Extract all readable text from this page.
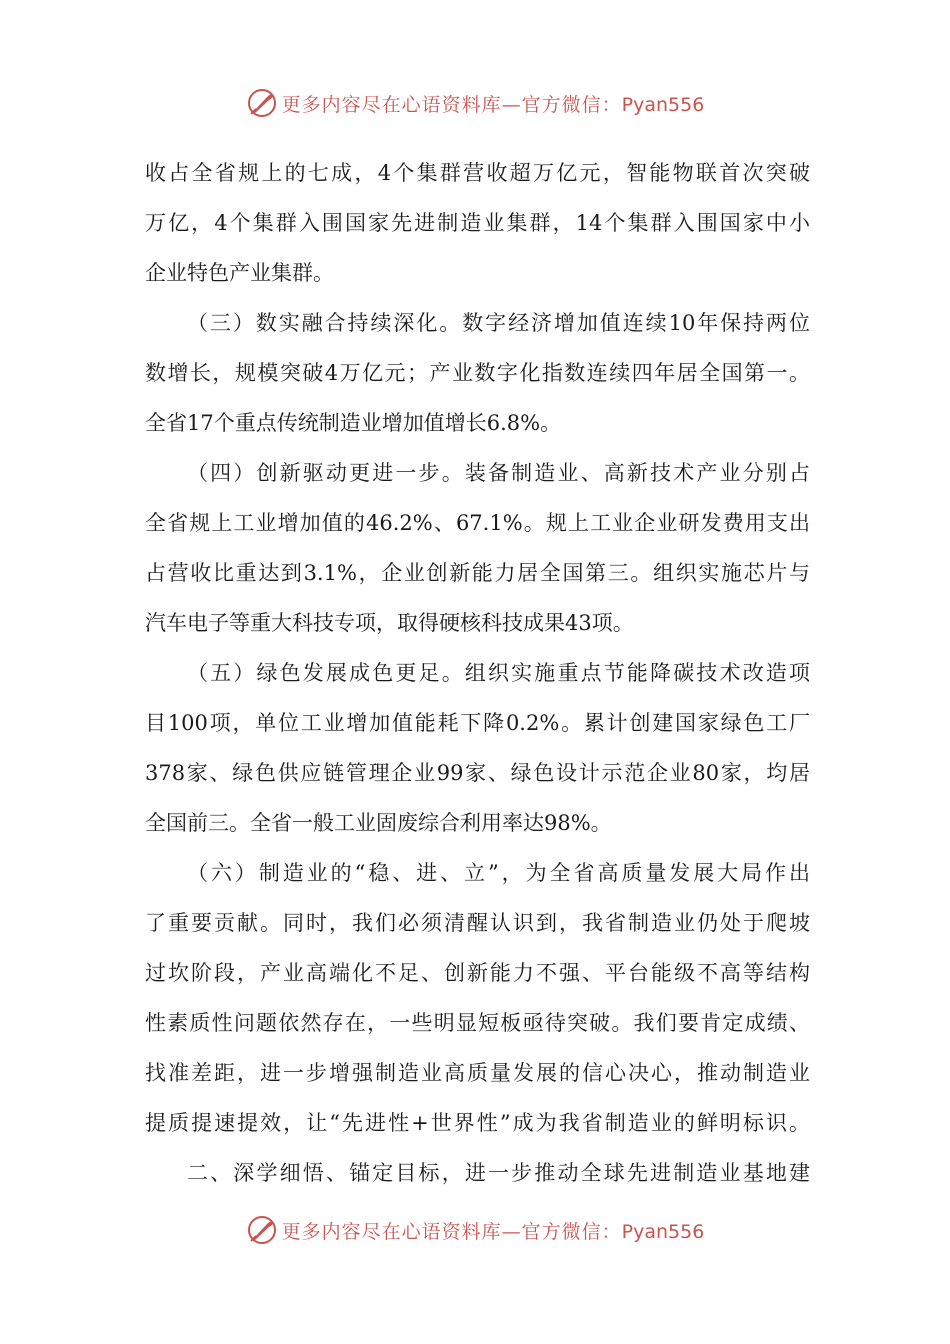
更多内容尽在心语资料库—官方微信：Pyan556
收占全省规上的七成，4个集群营收超万亿元，智能物联首次突破
万亿，4个集群入围国家先进制造业集群，14个集群入围国家中小
企业特色产业集群。
（三）数实融合持续深化。数字经济增加值连续10年保持两位
数增长，规模突破4万亿元；产业数字化指数连续四年居全国第一。
全省17个重点传统制造业增加值增长6.8%。
（四）创新驱动更进一步。装备制造业、高新技术产业分别占
全省规上工业增加值的46.2%、67.1%。规上工业企业研发费用支出
占营收比重达到3.1%，企业创新能力居全国第三。组织实施芯片与
汽车电子等重大科技专项，取得硬核科技成果43项。
（五）绿色发展成色更足。组织实施重点节能降碳技术改造项
目100项，单位工业增加值能耗下降0.2%。累计创建国家绿色工厂
378家、绿色供应链管理企业99家、绿色设计示范企业80家，均居
全国前三。全省一般工业固废综合利用率达98%。
（六）制造业的“稳、进、立”，为全省高质量发展大局作出
了重要贡献。同时，我们必须清醒认识到，我省制造业仍处于爬坡
过坎阶段，产业高端化不足、创新能力不强、平台能级不高等结构
性素质性问题依然存在，一些明显短板亟待突破。我们要肯定成绩、
找准差距，进一步增强制造业高质量发展的信心决心，推动制造业
提质提速提效，让“先进性+世界性”成为我省制造业的鲜明标识。
二、深学细悟、锚定目标，进一步推动全球先进制造业基地建
更多内容尽在心语资料库—官方微信：Pyan556
